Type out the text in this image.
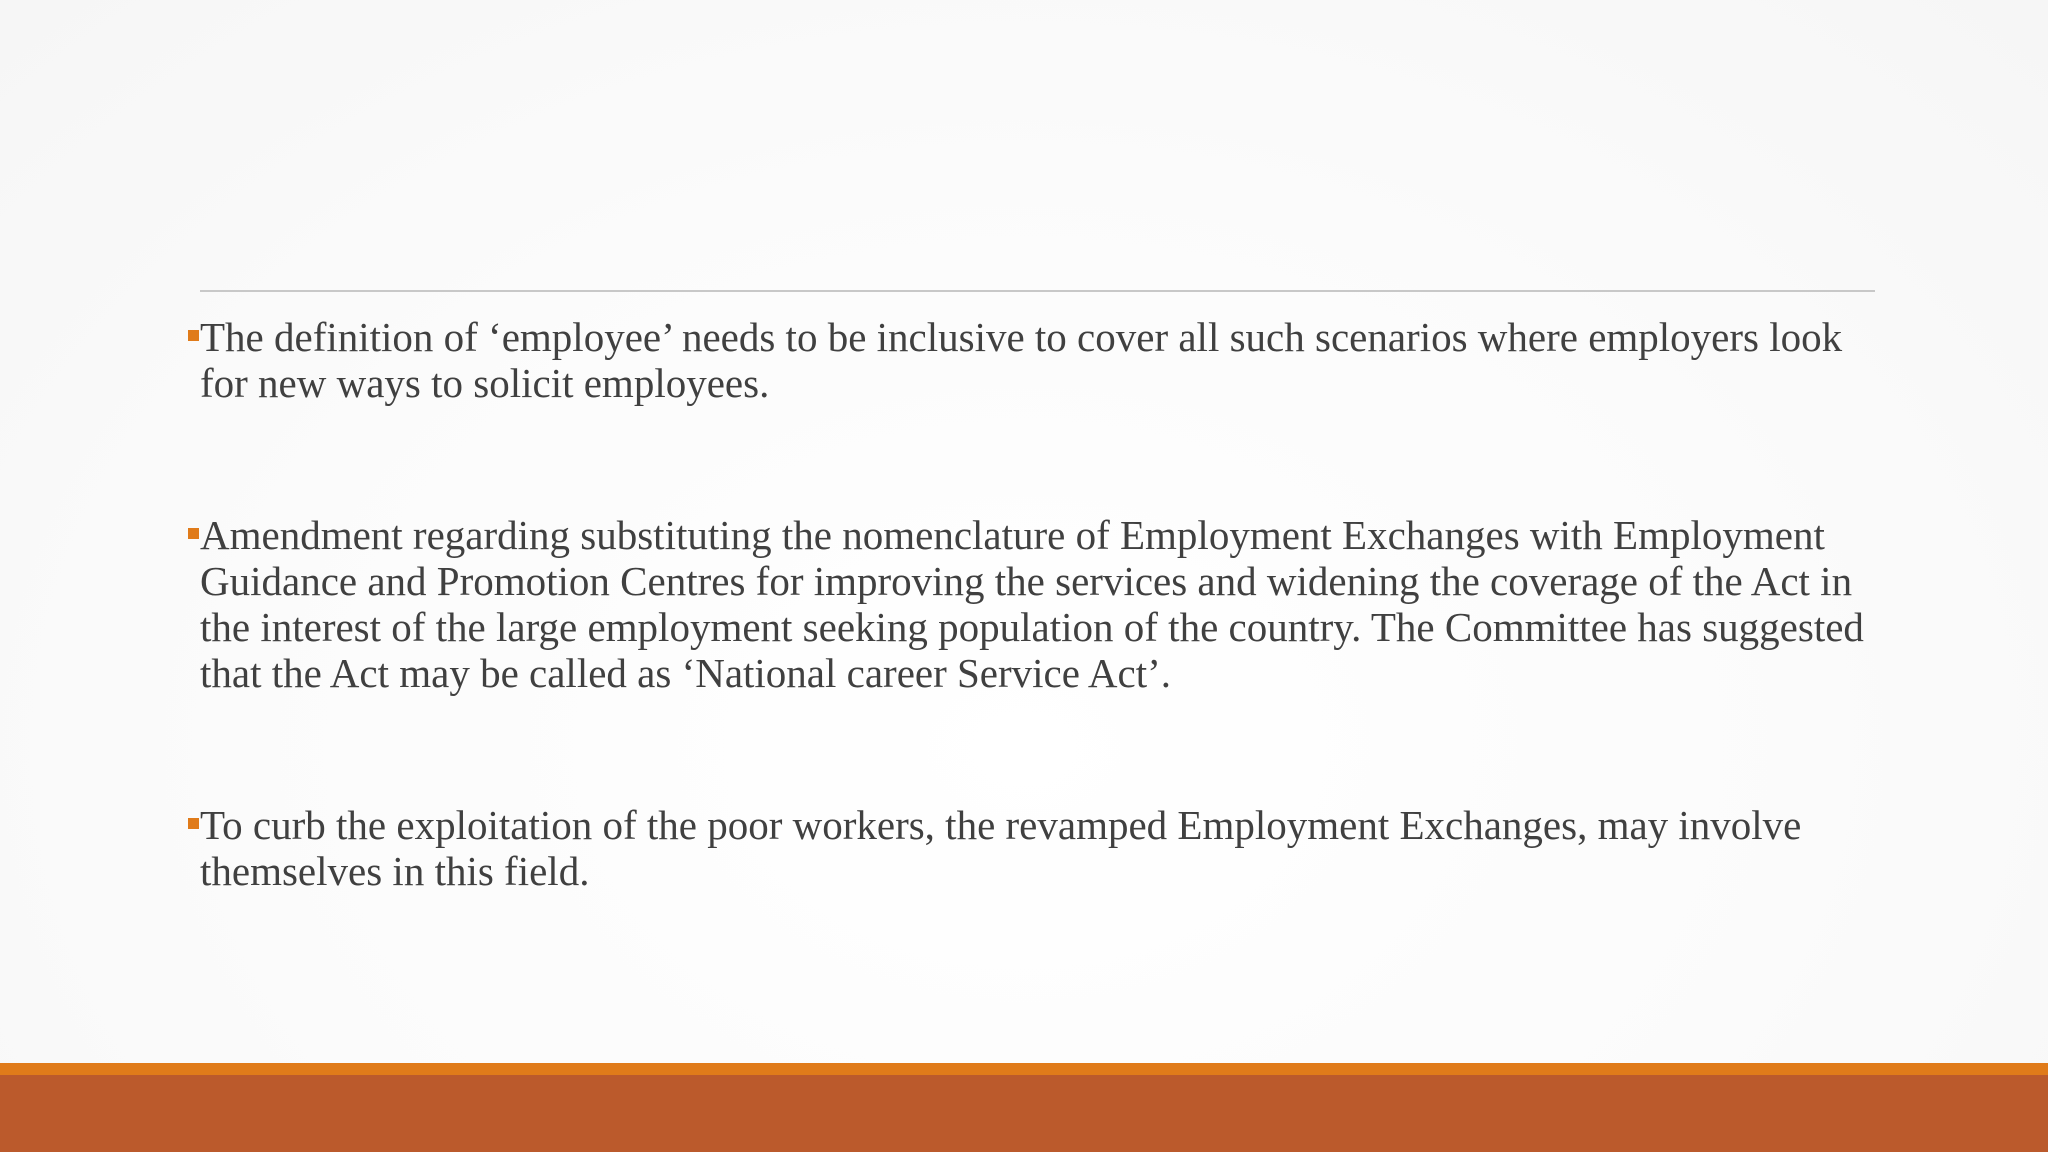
The definition of ‘employee’ needs to be inclusive to cover all such scenarios where employers look for new ways to solicit employees.
Amendment regarding substituting the nomenclature of Employment Exchanges with Employment Guidance and Promotion Centres for improving the services and widening the coverage of the Act in the interest of the large employment seeking population of the country. The Committee has suggested that the Act may be called as ‘National career Service Act’.
To curb the exploitation of the poor workers, the revamped Employment Exchanges, may involve themselves in this field.
